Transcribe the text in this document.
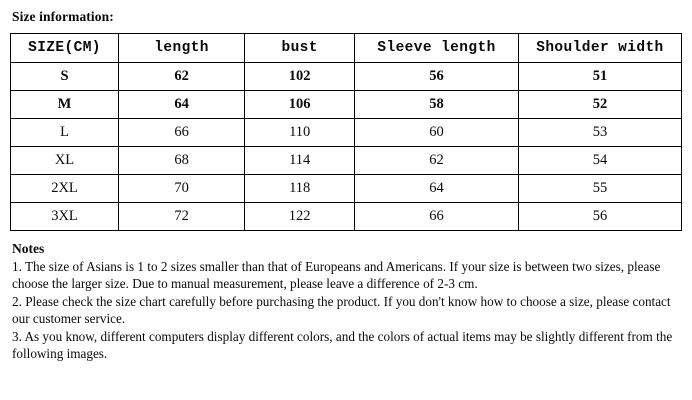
Size information:
SIZE(CM)	length	bust	Sleeve length	Shoulder width
S	62	102	56	51
M	64	106	58	52
L	66	110	60	53
XL	68	114	62	54
2XL	70	118	64	55
3XL	72	122	66	56
Notes
1. The size of Asians is 1 to 2 sizes smaller than that of Europeans and Americans. If your size is between two sizes, please choose the larger size. Due to manual measurement, please leave a difference of 2-3 cm.
2. Please check the size chart carefully before purchasing the product. If you don't know how to choose a size, please contact our customer service.
3. As you know, different computers display different colors, and the colors of actual items may be slightly different from the following images.
